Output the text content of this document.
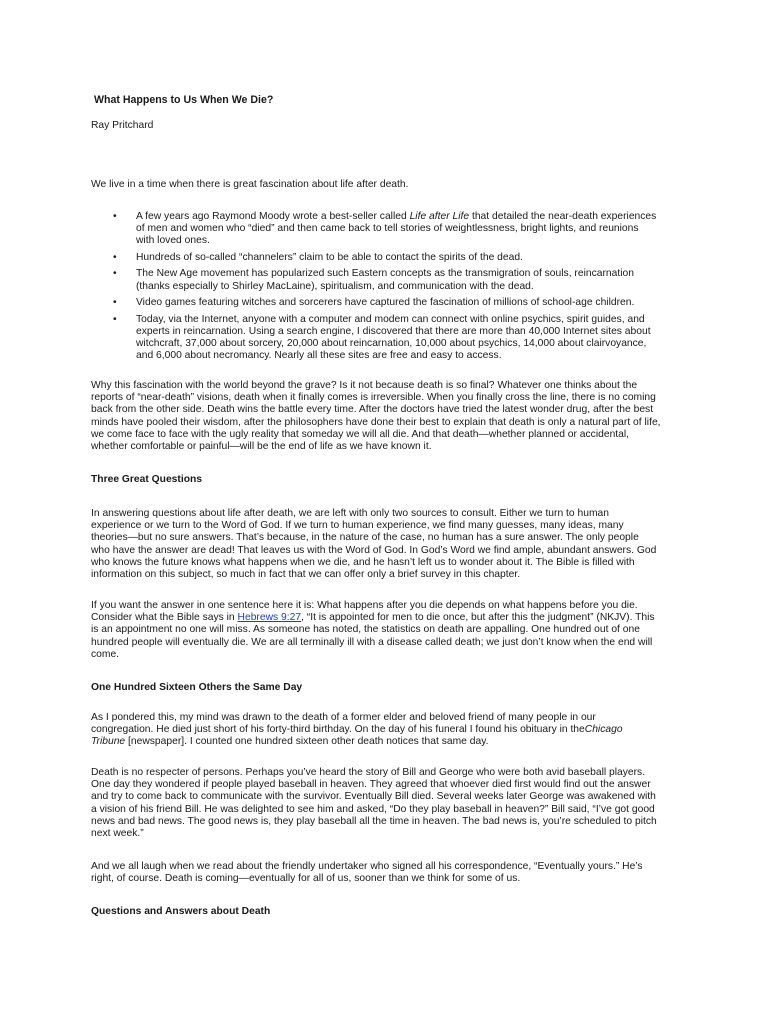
What Happens to Us When We Die?
Ray Pritchard

We live in a time when there is great fascination about life after death.

• A few years ago Raymond Moody wrote a best-seller called Life after Life that detailed the near-death experiences
of men and women who “died” and then came back to tell stories of weightlessness, bright lights, and reunions
with loved ones.
• Hundreds of so-called “channelers” claim to be able to contact the spirits of the dead.
• The New Age movement has popularized such Eastern concepts as the transmigration of souls, reincarnation
(thanks especially to Shirley MacLaine), spiritualism, and communication with the dead.
• Video games featuring witches and sorcerers have captured the fascination of millions of school-age children.
• Today, via the Internet, anyone with a computer and modem can connect with online psychics, spirit guides, and
experts in reincarnation. Using a search engine, I discovered that there are more than 40,000 Internet sites about
witchcraft, 37,000 about sorcery, 20,000 about reincarnation, 10,000 about psychics, 14,000 about clairvoyance,
and 6,000 about necromancy. Nearly all these sites are free and easy to access.
Why this fascination with the world beyond the grave? Is it not because death is so final? Whatever one thinks about the
reports of “near-death” visions, death when it finally comes is irreversible. When you finally cross the line, there is no coming
back from the other side. Death wins the battle every time. After the doctors have tried the latest wonder drug, after the best
minds have pooled their wisdom, after the philosophers have done their best to explain that death is only a natural part of life,
we come face to face with the ugly reality that someday we will all die. And that death—whether planned or accidental,
whether comfortable or painful—will be the end of life as we have known it.
Three Great Questions
In answering questions about life after death, we are left with only two sources to consult. Either we turn to human
experience or we turn to the Word of God. If we turn to human experience, we find many guesses, many ideas, many
theories—but no sure answers. That’s because, in the nature of the case, no human has a sure answer. The only people
who have the answer are dead! That leaves us with the Word of God. In God’s Word we find ample, abundant answers. God
who knows the future knows what happens when we die, and he hasn’t left us to wonder about it. The Bible is filled with
information on this subject, so much in fact that we can offer only a brief survey in this chapter.
If you want the answer in one sentence here it is: What happens after you die depends on what happens before you die.
Consider what the Bible says in Hebrews 9:27, “It is appointed for men to die once, but after this the judgment” (NKJV). This
is an appointment no one will miss. As someone has noted, the statistics on death are appalling. One hundred out of one
hundred people will eventually die. We are all terminally ill with a disease called death; we just don’t know when the end will
come.
One Hundred Sixteen Others the Same Day
As I pondered this, my mind was drawn to the death of a former elder and beloved friend of many people in our
congregation. He died just short of his forty-third birthday. On the day of his funeral I found his obituary in theChicago
Tribune [newspaper]. I counted one hundred sixteen other death notices that same day.
Death is no respecter of persons. Perhaps you’ve heard the story of Bill and George who were both avid baseball players.
One day they wondered if people played baseball in heaven. They agreed that whoever died first would find out the answer
and try to come back to communicate with the survivor. Eventually Bill died. Several weeks later George was awakened with
a vision of his friend Bill. He was delighted to see him and asked, “Do they play baseball in heaven?” Bill said, “I’ve got good
news and bad news. The good news is, they play baseball all the time in heaven. The bad news is, you’re scheduled to pitch
next week.”
And we all laugh when we read about the friendly undertaker who signed all his correspondence, “Eventually yours.” He’s
right, of course. Death is coming—eventually for all of us, sooner than we think for some of us.
Questions and Answers about Death
